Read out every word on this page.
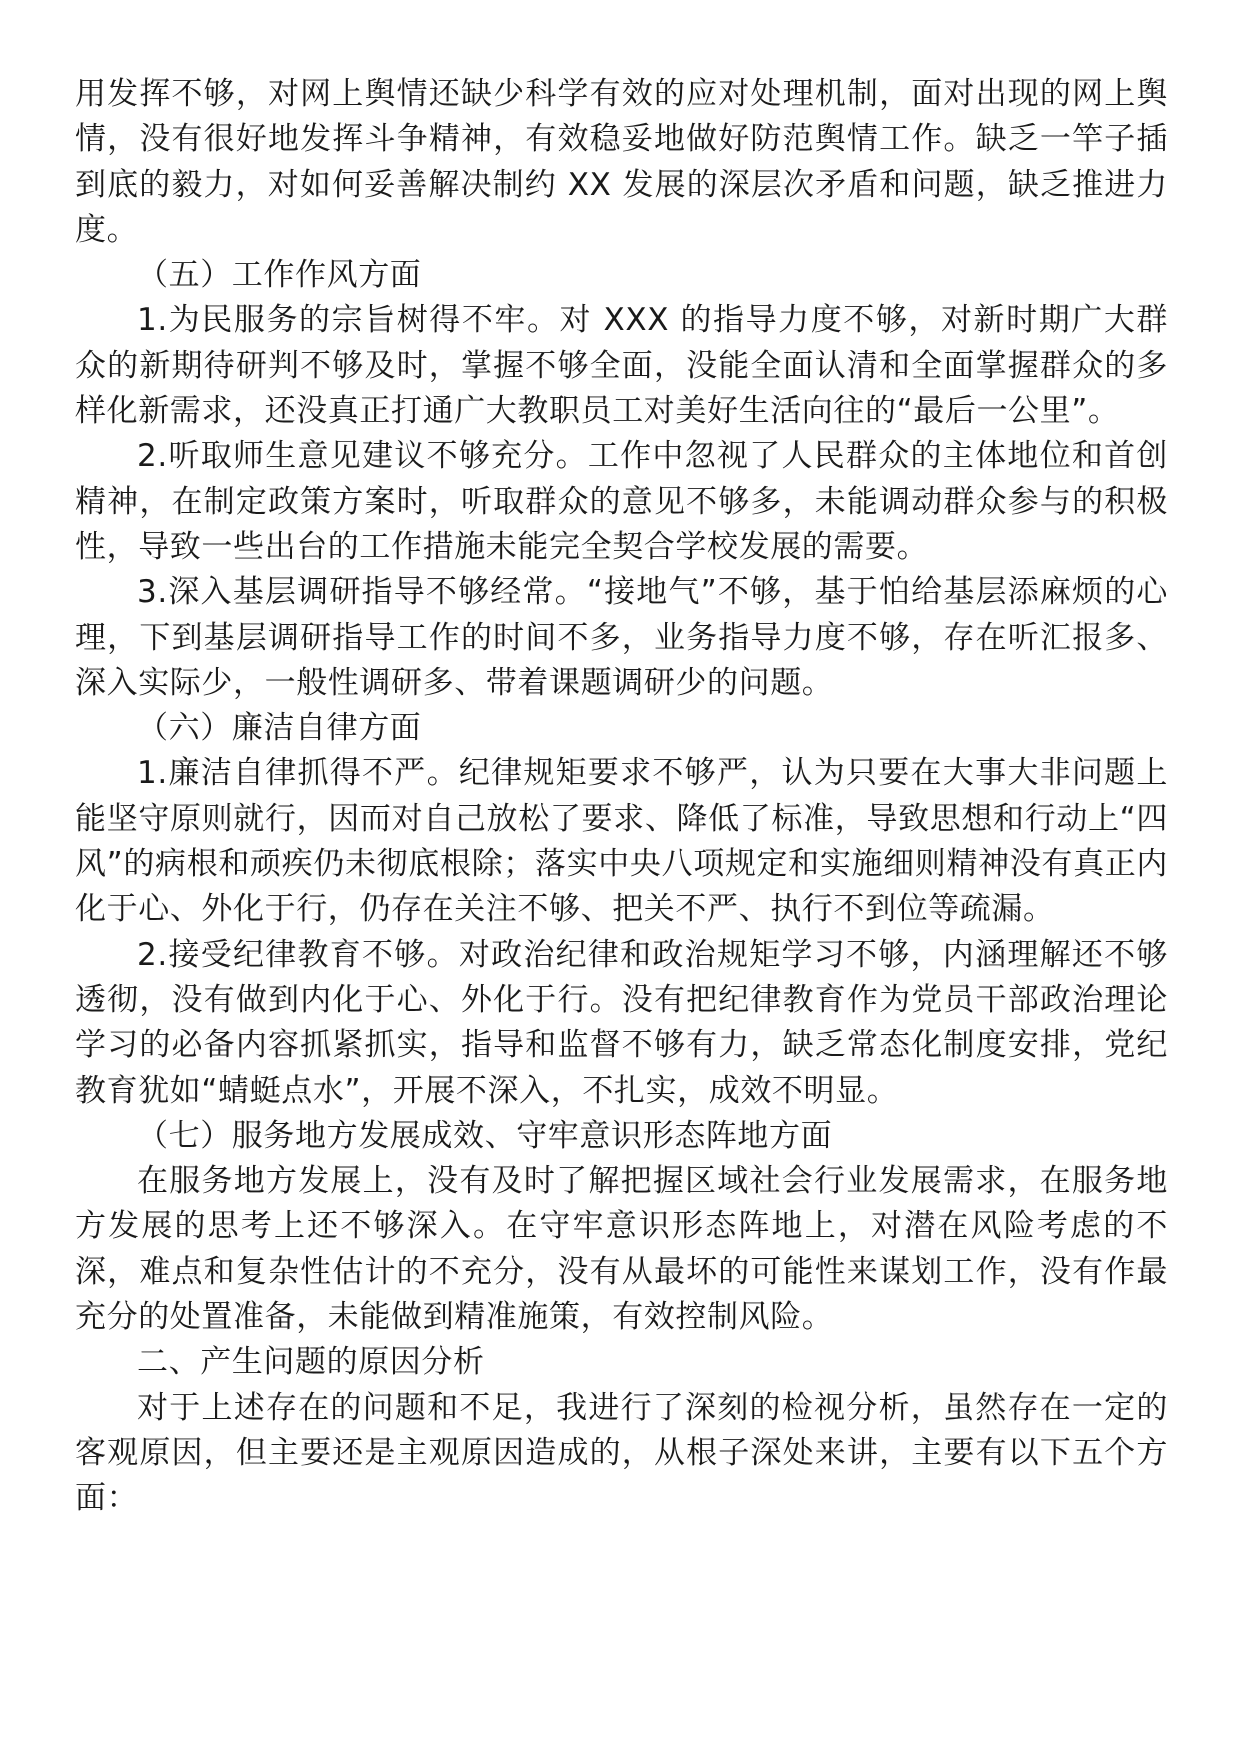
用发挥不够，对网上舆情还缺少科学有效的应对处理机制，面对出现的网上舆情，没有很好地发挥斗争精神，有效稳妥地做好防范舆情工作。缺乏一竿子插到底的毅力，对如何妥善解决制约 XX 发展的深层次矛盾和问题，缺乏推进力度。

（五）工作作风方面

1.为民服务的宗旨树得不牢。对 XXX 的指导力度不够，对新时期广大群众的新期待研判不够及时，掌握不够全面，没能全面认清和全面掌握群众的多样化新需求，还没真正打通广大教职员工对美好生活向往的“最后一公里”。

2.听取师生意见建议不够充分。工作中忽视了人民群众的主体地位和首创精神，在制定政策方案时，听取群众的意见不够多，未能调动群众参与的积极性，导致一些出台的工作措施未能完全契合学校发展的需要。

3.深入基层调研指导不够经常。“接地气”不够，基于怕给基层添麻烦的心理，下到基层调研指导工作的时间不多，业务指导力度不够，存在听汇报多、深入实际少，一般性调研多、带着课题调研少的问题。

（六）廉洁自律方面

1.廉洁自律抓得不严。纪律规矩要求不够严，认为只要在大事大非问题上能坚守原则就行，因而对自己放松了要求、降低了标准，导致思想和行动上“四风”的病根和顽疾仍未彻底根除；落实中央八项规定和实施细则精神没有真正内化于心、外化于行，仍存在关注不够、把关不严、执行不到位等疏漏。

2.接受纪律教育不够。对政治纪律和政治规矩学习不够，内涵理解还不够透彻，没有做到内化于心、外化于行。没有把纪律教育作为党员干部政治理论学习的必备内容抓紧抓实，指导和监督不够有力，缺乏常态化制度安排，党纪教育犹如“蜻蜓点水”，开展不深入，不扎实，成效不明显。

（七）服务地方发展成效、守牢意识形态阵地方面

在服务地方发展上，没有及时了解把握区域社会行业发展需求，在服务地方发展的思考上还不够深入。在守牢意识形态阵地上，对潜在风险考虑的不深，难点和复杂性估计的不充分，没有从最坏的可能性来谋划工作，没有作最充分的处置准备，未能做到精准施策，有效控制风险。

二、产生问题的原因分析

对于上述存在的问题和不足，我进行了深刻的检视分析，虽然存在一定的客观原因，但主要还是主观原因造成的，从根子深处来讲，主要有以下五个方面：
